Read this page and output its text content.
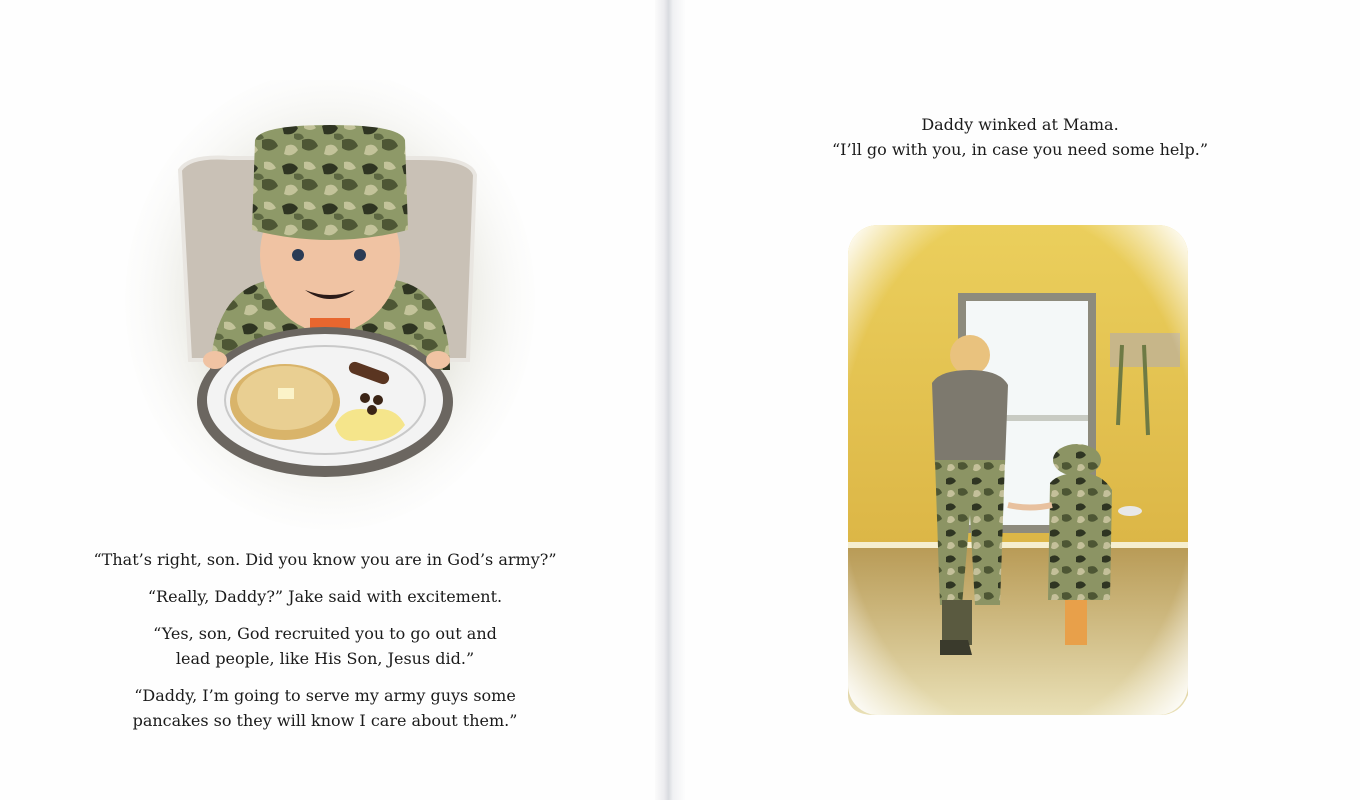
“That’s right, son. Did you know you are in God’s army?”
“Really, Daddy?” Jake said with excitement.
“Yes, son, God recruited you to go out and
lead people, like His Son, Jesus did.”
“Daddy, I’m going to serve my army guys some
pancakes so they will know I care about them.”
Daddy winked at Mama.
“I’ll go with you, in case you need some help.”
